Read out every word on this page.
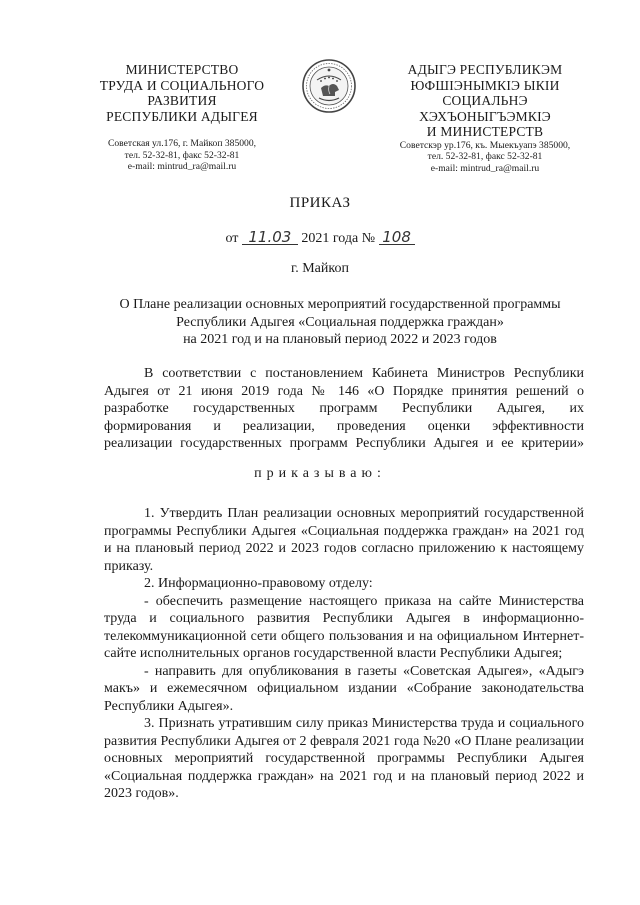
МИНИСТЕРСТВО
ТРУДА И СОЦИАЛЬНОГО
РАЗВИТИЯ
РЕСПУБЛИКИ АДЫГЕЯ
Советская ул.176, г. Майкоп 385000,
тел. 52-32-81, факс 52-32-81
e-mail: mintrud_ra@mail.ru
АДЫГЭ РЕСПУБЛИКЭМ
ЮФШIЭНЫМКIЭ ЫКIИ
СОЦИАЛЬНЭ
ХЭХЪОНЫГЪЭМКIЭ
И МИНИСТЕРСТВ
Советскэр ур.176, къ. Мыекъуапэ 385000,
тел. 52-32-81, факс 52-32-81
e-mail: mintrud_ra@mail.ru
ПРИКАЗ
от 11.03 2021 года № 108
г. Майкоп
О Плане реализации основных мероприятий государственной программы
Республики Адыгея «Социальная поддержка граждан»
на 2021 год и на плановый период 2022 и 2023 годов

В соответствии с постановлением Кабинета Министров Республики

Адыгея от 21 июня 2019 года № 146 «О Порядке принятия решений о

разработке государственных программ Республики Адыгея, их

формирования и реализации, проведения оценки эффективности

реализации государственных программ Республики Адыгея и ее критерии»

приказываю:

1. Утвердить План реализации основных мероприятий государственной программы Республики Адыгея «Социальная поддержка граждан» на 2021 год и на плановый период 2022 и 2023 годов согласно приложению к настоящему приказу.

2. Информационно-правовому отделу:

- обеспечить размещение настоящего приказа на сайте Министерства труда и социального развития Республики Адыгея в информационно-телекоммуникационной сети общего пользования и на официальном Интернет-сайте исполнительных органов государственной власти Республики Адыгея;

- направить для опубликования в газеты «Советская Адыгея», «Адыгэ макъ» и ежемесячном официальном издании «Собрание законодательства Республики Адыгея».

3. Признать утратившим силу приказ Министерства труда и социального развития Республики Адыгея от 2 февраля 2021 года №20 «О Плане реализации основных мероприятий государственной программы Республики Адыгея «Социальная поддержка граждан» на 2021 год и на плановый период 2022 и 2023 годов».
